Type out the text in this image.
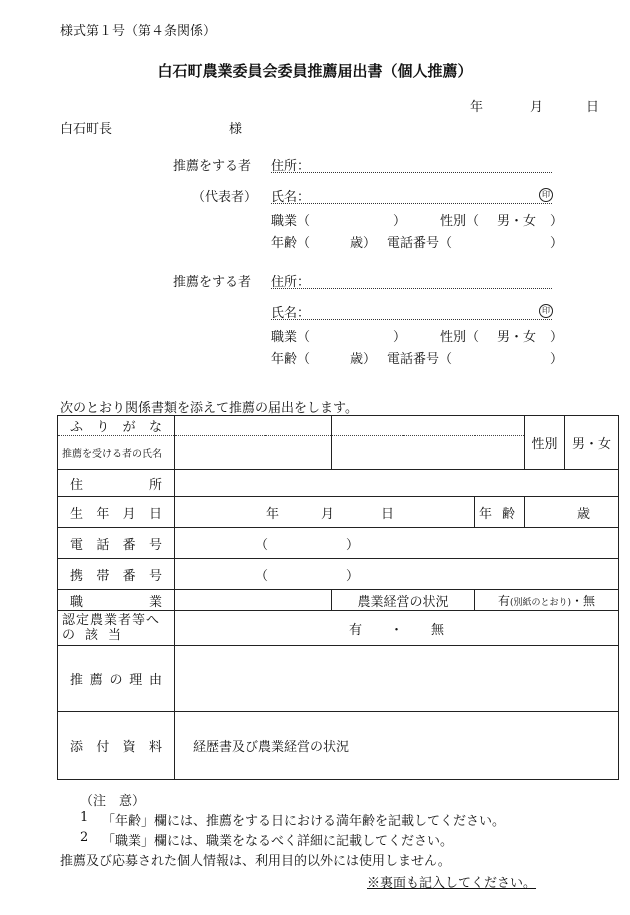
様式第１号（第４条関係）
白石町農業委員会委員推薦届出書（個人推薦）
年	月	日
白石町長	様
推薦をする者
（代表者）
住所：
氏名：	印
職業（	）	性別（ 男・女 ）
年齢（	歳） 電話番号（	）
推薦をする者 住所：
氏名：	印
職業（	）	性別（ 男・女 ）
年齢（	歳） 電話番号（	）
次のとおり関係書類を添えて推薦の届出をします。
ふりがな				性別	男・女
推薦を受ける者の氏名					
住所					
生年月日	年 月 日		年齢	歳	
電話番号	（　　　　　　）				
携帯番号	（　　　　　　）				
職業		農業経営の状況	有(別紙のとおり)・無		

認定農業者等へ
の該当	有 ・ 無				
推薦の理由					
添付資料	経歴書及び農業経営の状況				
（注　意）
1 「年齢」欄には、推薦をする日における満年齢を記載してください。
2 「職業」欄には、職業をなるべく詳細に記載してください。
推薦及び応募された個人情報は、利用目的以外には使用しません。
※裏面も記入してください。
